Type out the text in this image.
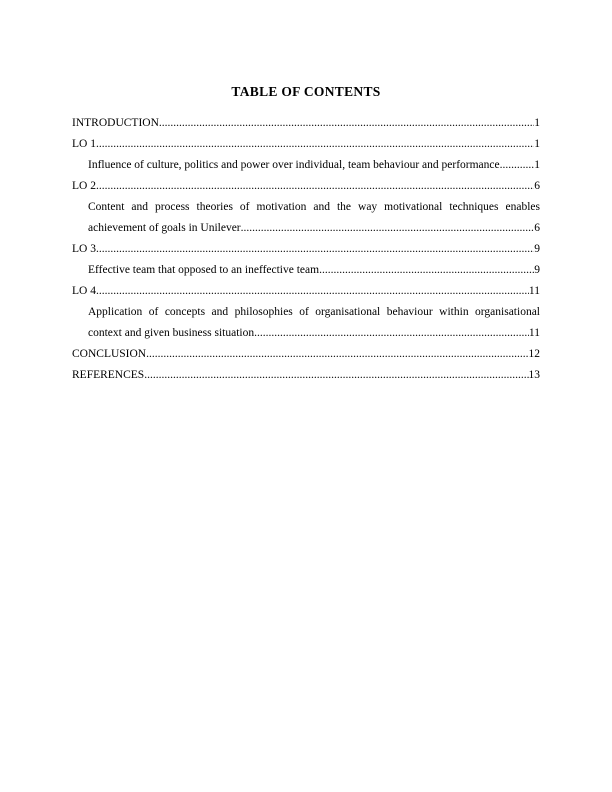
TABLE OF CONTENTS
INTRODUCTION .....	1
LO 1 .....	1
Influence of culture, politics and power over individual, team behaviour and performance .....	1
LO 2 .....	6
Content and process theories of motivation and the way motivational techniques enables
achievement of goals in Unilever .....	6
LO 3 .....	9
Effective team that opposed to an ineffective team .....	9
LO 4 .....	11
Application of concepts and philosophies of organisational behaviour within organisational
context and given business situation .....	11
CONCLUSION .....	12
REFERENCES .....	13
